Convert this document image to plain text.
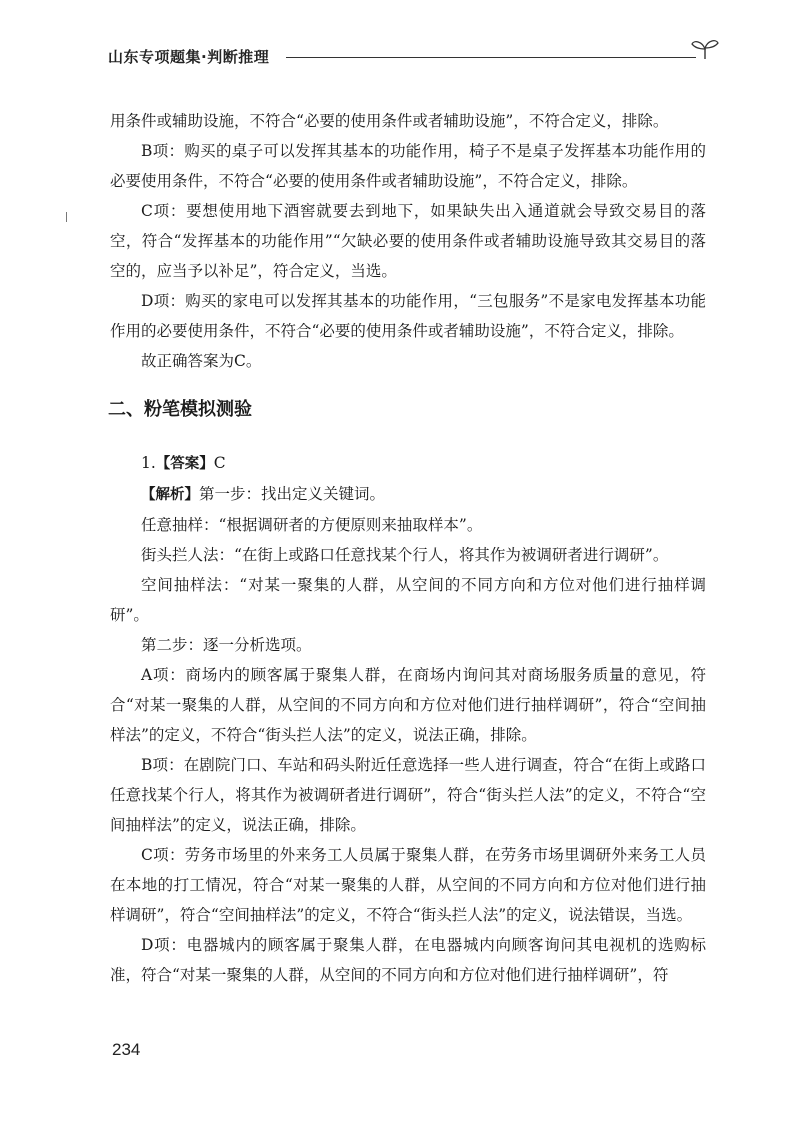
山东专项题集·判断推理

用条件或辅助设施，不符合“必要的使用条件或者辅助设施”，不符合定义，排除。

B项：购买的桌子可以发挥其基本的功能作用，椅子不是桌子发挥基本功能作用的必要使用条件，不符合“必要的使用条件或者辅助设施”，不符合定义，排除。

C项：要想使用地下酒窖就要去到地下，如果缺失出入通道就会导致交易目的落空，符合“发挥基本的功能作用”“欠缺必要的使用条件或者辅助设施导致其交易目的落空的，应当予以补足”，符合定义，当选。

D项：购买的家电可以发挥其基本的功能作用，“三包服务”不是家电发挥基本功能作用的必要使用条件，不符合“必要的使用条件或者辅助设施”，不符合定义，排除。

故正确答案为C。

二、粉笔模拟测验

1.【答案】C

【解析】第一步：找出定义关键词。

任意抽样：“根据调研者的方便原则来抽取样本”。

街头拦人法：“在街上或路口任意找某个行人，将其作为被调研者进行调研”。

空间抽样法：“对某一聚集的人群，从空间的不同方向和方位对他们进行抽样调研”。

第二步：逐一分析选项。

A项：商场内的顾客属于聚集人群，在商场内询问其对商场服务质量的意见，符合“对某一聚集的人群，从空间的不同方向和方位对他们进行抽样调研”，符合“空间抽样法”的定义，不符合“街头拦人法”的定义，说法正确，排除。

B项：在剧院门口、车站和码头附近任意选择一些人进行调查，符合“在街上或路口任意找某个行人，将其作为被调研者进行调研”，符合“街头拦人法”的定义，不符合“空间抽样法”的定义，说法正确，排除。

C项：劳务市场里的外来务工人员属于聚集人群，在劳务市场里调研外来务工人员在本地的打工情况，符合“对某一聚集的人群，从空间的不同方向和方位对他们进行抽样调研”，符合“空间抽样法”的定义，不符合“街头拦人法”的定义，说法错误，当选。

D项：电器城内的顾客属于聚集人群，在电器城内向顾客询问其电视机的选购标准，符合“对某一聚集的人群，从空间的不同方向和方位对他们进行抽样调研”，符

234
